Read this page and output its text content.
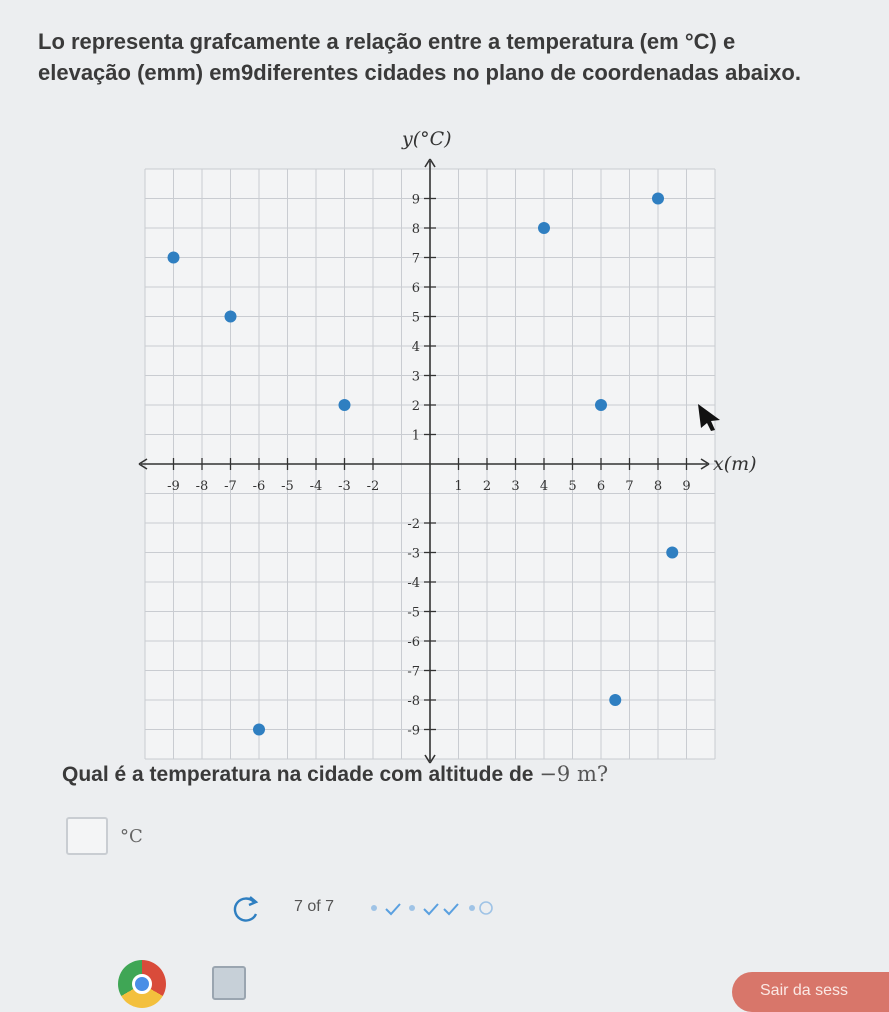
Lo representa grafcamente a relação entre a temperatura (em °C) e
elevação (emm) em9diferentes cidades no plano de coordenadas abaixo.
-9 -8 -7 -6 -5 -4 -3 -2	1 2 3 4 5 6 7 8 9
9
8
7
6
5
4
3
2
1
-2
-3
-4
-5
-6
-7
-8
-9
x(m)
y(°C)
Qual é a temperatura na cidade com altitude de −9 m?
°C
7 of 7
Sair da sess
